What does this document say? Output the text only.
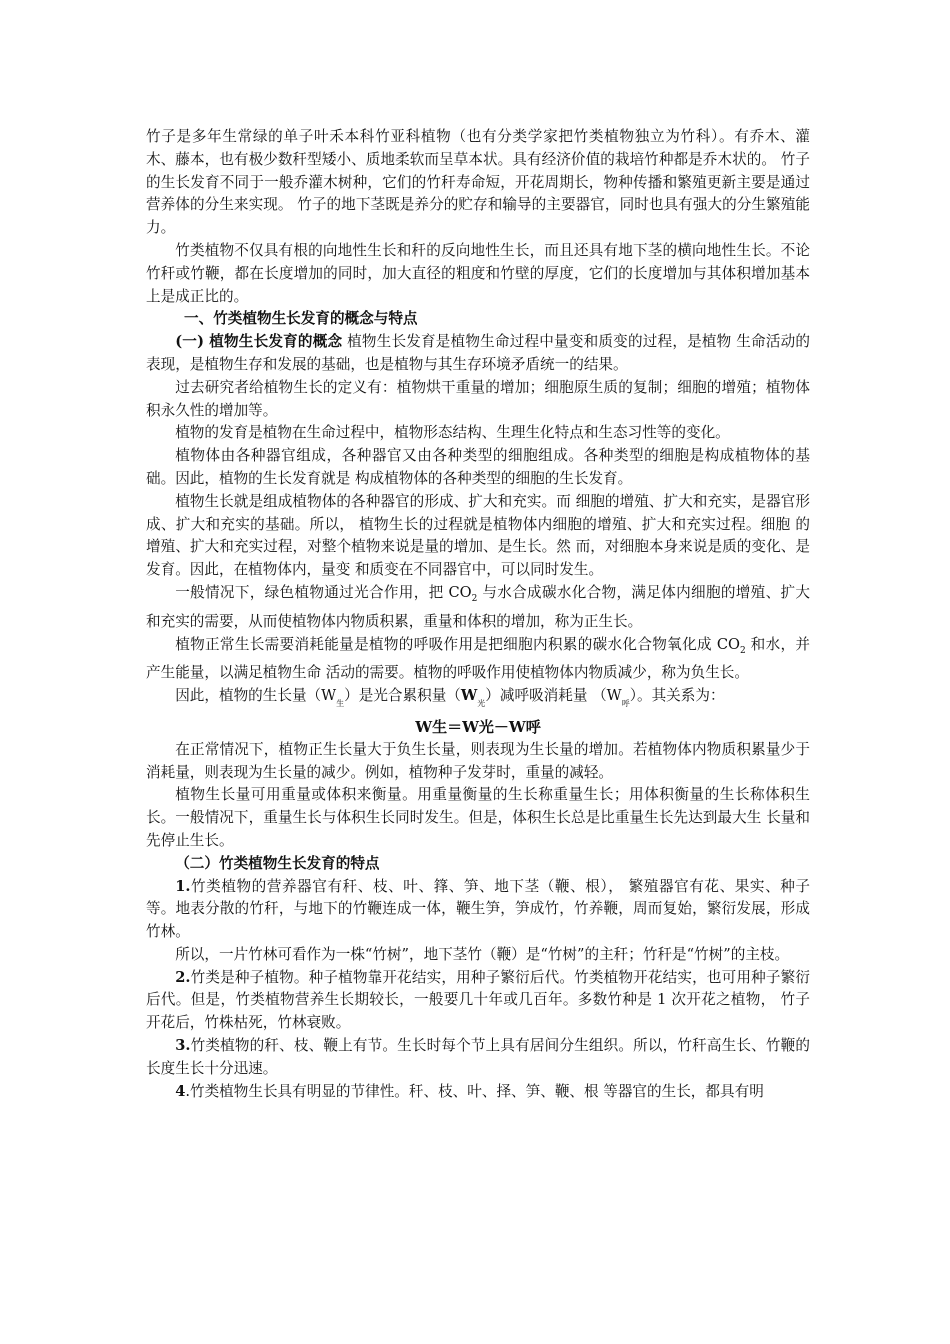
竹子是多年生常绿的单子叶禾本科竹亚科植物（也有分类学家把竹类植物独立为竹科）。有乔木、灌木、藤本，也有极少数秆型矮小、质地柔软而呈草本状。具有经济价值的栽培竹种都是乔木状的。 竹子的生长发育不同于一般乔灌木树种，它们的竹秆寿命短，开花周期长，物种传播和繁殖更新主要是通过营养体的分生来实现。 竹子的地下茎既是养分的贮存和输导的主要器官，同时也具有强大的分生繁殖能力。

竹类植物不仅具有根的向地性生长和秆的反向地性生长，而且还具有地下茎的横向地性生长。不论竹秆或竹鞭，都在长度增加的同时，加大直径的粗度和竹壁的厚度，它们的长度增加与其体积增加基本上是成正比的。

一、竹类植物生长发育的概念与特点

(一) 植物生长发育的概念 植物生长发育是植物生命过程中量变和质变的过程，是植物 生命活动的表现，是植物生存和发展的基础，也是植物与其生存环境矛盾统一的结果。

过去研究者给植物生长的定义有：植物烘干重量的增加；细胞原生质的复制；细胞的增殖；植物体积永久性的增加等。

植物的发育是植物在生命过程中，植物形态结构、生理生化特点和生态习性等的变化。

植物体由各种器官组成，各种器官又由各种类型的细胞组成。各种类型的细胞是构成植物体的基础。因此，植物的生长发育就是 构成植物体的各种类型的细胞的生长发育。

植物生长就是组成植物体的各种器官的形成、扩大和充实。而 细胞的增殖、扩大和充实，是器官形成、扩大和充实的基础。所以， 植物生长的过程就是植物体内细胞的增殖、扩大和充实过程。细胞 的增殖、扩大和充实过程，对整个植物来说是量的增加、是生长。然 而，对细胞本身来说是质的变化、是发育。因此，在植物体内，量变 和质变在不同器官中，可以同时发生。

一般情况下，绿色植物通过光合作用，把 $CO_2$ 与水合成碳水化合物，满足体内细胞的增殖、扩大和充实的需要，从而使植物体内物质积累，重量和体积的增加，称为正生长。

植物正常生长需要消耗能量是植物的呼吸作用是把细胞内积累的碳水化合物氧化成 $CO_2$ 和水，并产生能量，以满足植物生命 活动的需要。植物的呼吸作用使植物体内物质减少，称为负生长。

因此，植物的生长量$(W_生)$是光合累积量$(W_光)$减呼吸消耗量 $(W_呼)$。其关系为：

W生＝W光－W呼

在正常情况下，植物正生长量大于负生长量，则表现为生长量的增加。若植物体内物质积累量少于消耗量，则表现为生长量的减少。例如，植物种子发芽时，重量的减轻。

植物生长量可用重量或体积来衡量。用重量衡量的生长称重量生长；用体积衡量的生长称体积生长。一般情况下，重量生长与体积生长同时发生。但是，体积生长总是比重量生长先达到最大生 长量和先停止生长。

（二）竹类植物生长发育的特点

1.竹类植物的营养器官有秆、枝、叶、箨、笋、地下茎（鞭、根）， 繁殖器官有花、果实、种子等。地表分散的竹秆，与地下的竹鞭连成一体，鞭生笋，笋成竹，竹养鞭，周而复始，繁衍发展，形成竹林。

所以，一片竹林可看作为一株“竹树”，地下茎竹（鞭）是“竹树”的主秆；竹秆是“竹树”的主枝。

2.竹类是种子植物。种子植物靠开花结实，用种子繁衍后代。竹类植物开花结实，也可用种子繁衍后代。但是，竹类植物营养生长期较长，一般要几十年或几百年。多数竹种是 1 次开花之植物， 竹子开花后，竹株枯死，竹林衰败。

3.竹类植物的秆、枝、鞭上有节。生长时每个节上具有居间分生组织。所以，竹秆高生长、竹鞭的长度生长十分迅速。

4.竹类植物生长具有明显的节律性。秆、枝、叶、择、笋、鞭、根 等器官的生长，都具有明
